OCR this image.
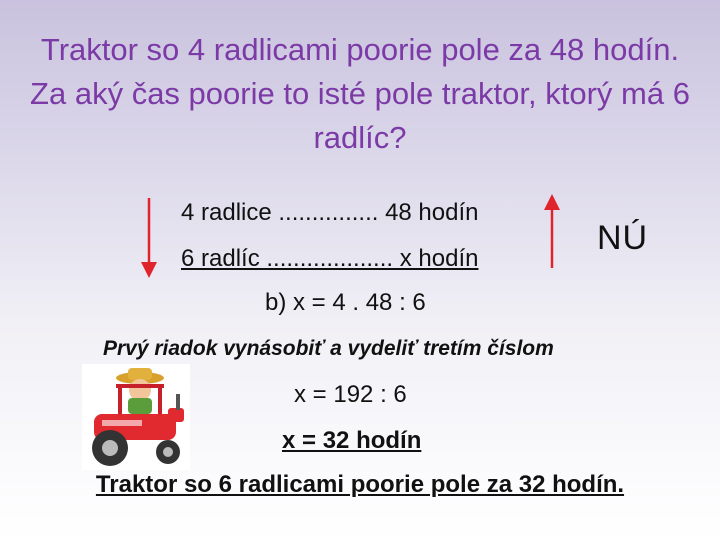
Traktor so 4 radlicami poorie pole za 48 hodín. Za aký čas poorie to isté pole traktor, ktorý má 6 radlíc?
4 radlice ............... 48 hodín
6 radlíc ................... x hodín
b) x = 4 . 48 : 6
NÚ
Prvý riadok vynásobiť a vydeliť tretím číslom
x = 192 : 6
x = 32 hodín
Traktor so 6 radlicami poorie pole za 32 hodín.
